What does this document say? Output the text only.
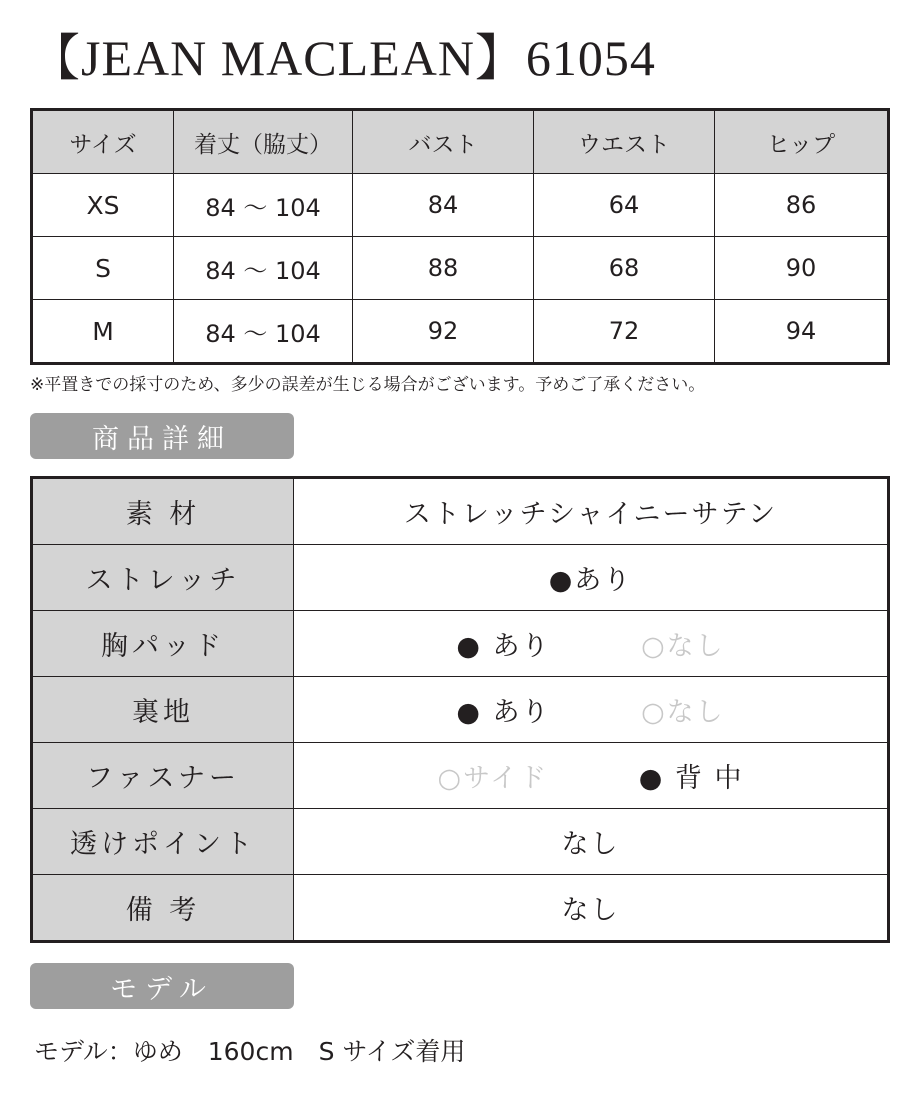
【JEAN MACLEAN】61054
サイズ	着丈（脇丈）	バスト	ウエスト	ヒップ
XS	84 〜 104	84	64	86
S	84 〜 104	88	68	90
M	84 〜 104	92	72	94
※平置きでの採寸のため、多少の誤差が生じる場合がございます。予めご了承ください。
商品詳細
素 材	ストレッチシャイニーサテン
ストレッチ	●あり
胸パッド	● あり ○なし
裏地	● あり ○なし
ファスナー	○サイド ● 背 中
透けポイント	なし
備 考	なし
モデル
モデル：ゆめ　160cm　S サイズ着用
